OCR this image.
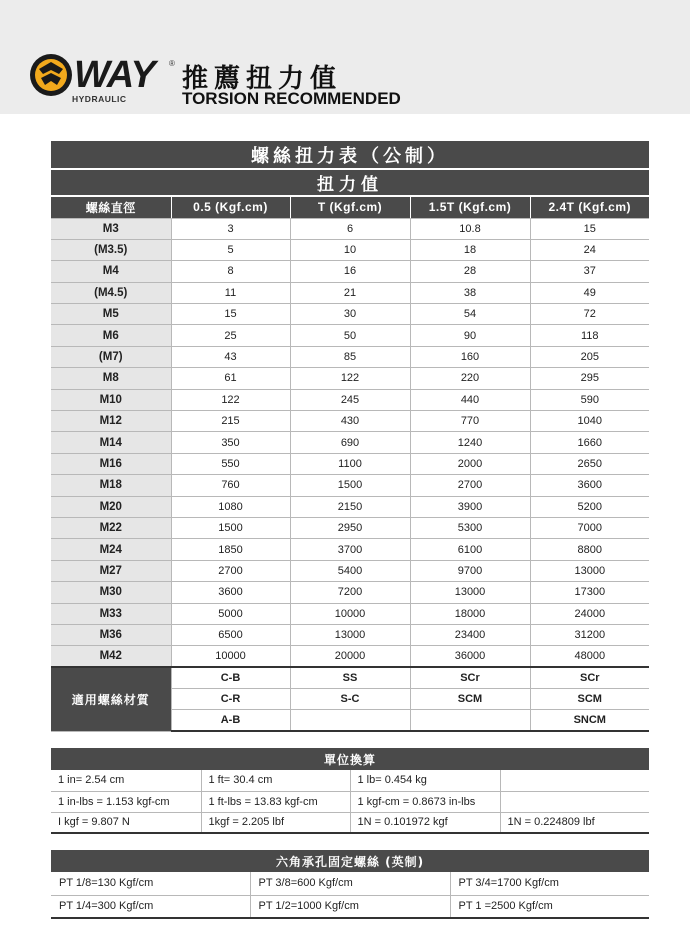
WAY ®
HYDRAULIC
推薦扭力值
TORSION RECOMMENDED
螺絲扭力表（公制）				
扭力值				
螺絲直徑	0.5 (Kgf.cm)	T (Kgf.cm)	1.5T (Kgf.cm)	2.4T (Kgf.cm)
M3	3	6	10.8	15
(M3.5)	5	10	18	24
M4	8	16	28	37
(M4.5)	11	21	38	49
M5	15	30	54	72
M6	25	50	90	118
(M7)	43	85	160	205
M8	61	122	220	295
M10	122	245	440	590
M12	215	430	770	1040
M14	350	690	1240	1660
M16	550	1100	2000	2650
M18	760	1500	2700	3600
M20	1080	2150	3900	5200
M22	1500	2950	5300	7000
M24	1850	3700	6100	8800
M27	2700	5400	9700	13000
M30	3600	7200	13000	17300
M33	5000	10000	18000	24000
M36	6500	13000	23400	31200
M42	10000	20000	36000	48000
適用螺絲材質	C-B	SS	SCr	SCr
	C-R	S-C	SCM	SCM
	A-B			SNCM
單位換算			
1 in= 2.54 cm	1 ft= 30.4 cm	1 lb= 0.454 kg	
1 in-lbs = 1.153 kgf-cm	1 ft-lbs = 13.83 kgf-cm	1 kgf-cm = 0.8673 in-lbs	
I kgf = 9.807 N	1kgf = 2.205 lbf	1N = 0.101972 kgf	1N = 0.224809 lbf
六角承孔固定螺絲 (英制)		
PT 1/8=130 Kgf/cm	PT 3/8=600 Kgf/cm	PT 3/4=1700 Kgf/cm
PT 1/4=300 Kgf/cm	PT 1/2=1000 Kgf/cm	PT 1 =2500 Kgf/cm
